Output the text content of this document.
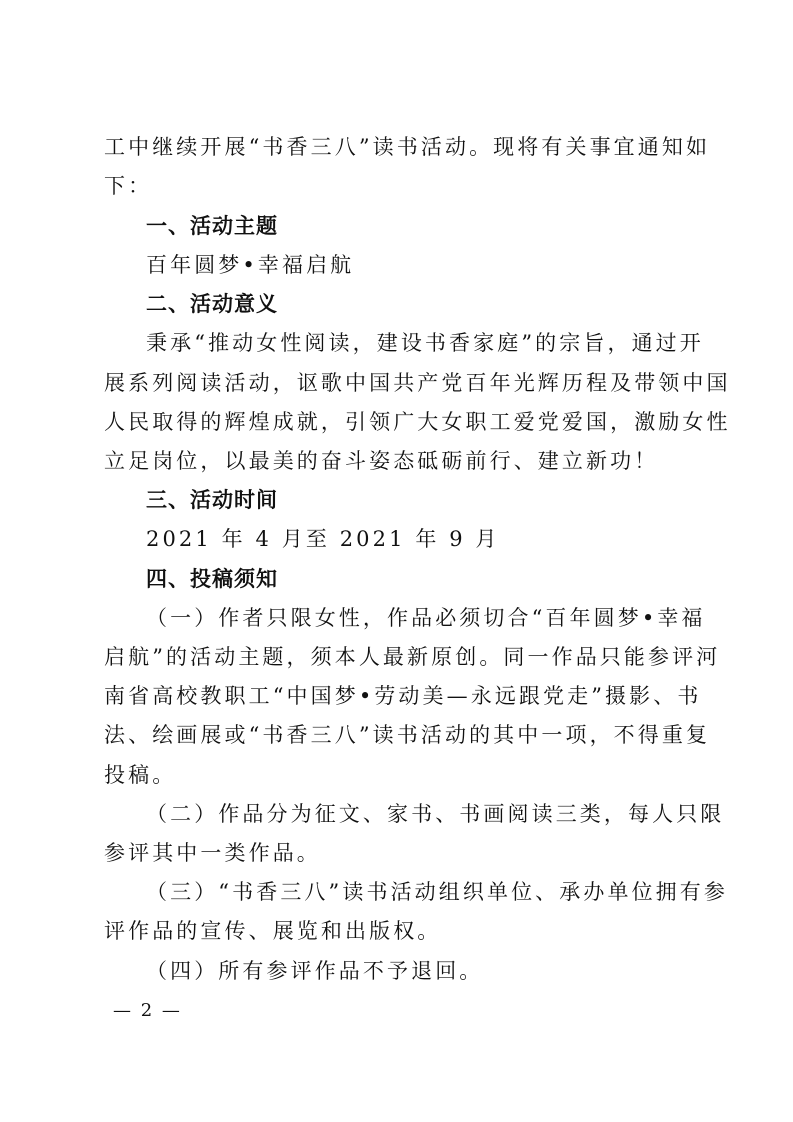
工中继续开展“书香三八”读书活动。现将有关事宜通知如
下：
一、活动主题
百年圆梦•幸福启航
二、活动意义
秉承“推动女性阅读，建设书香家庭”的宗旨，通过开
展系列阅读活动，讴歌中国共产党百年光辉历程及带领中国
人民取得的辉煌成就，引领广大女职工爱党爱国，激励女性
立足岗位，以最美的奋斗姿态砥砺前行、建立新功！
三、活动时间
2021 年 4 月至 2021 年 9 月
四、投稿须知
（一）作者只限女性，作品必须切合“百年圆梦•幸福
启航”的活动主题，须本人最新原创。同一作品只能参评河
南省高校教职工“中国梦•劳动美—永远跟党走”摄影、书
法、绘画展或“书香三八”读书活动的其中一项，不得重复
投稿。
（二）作品分为征文、家书、书画阅读三类，每人只限
参评其中一类作品。
（三）“书香三八”读书活动组织单位、承办单位拥有参
评作品的宣传、展览和出版权。
（四）所有参评作品不予退回。
— 2 —
